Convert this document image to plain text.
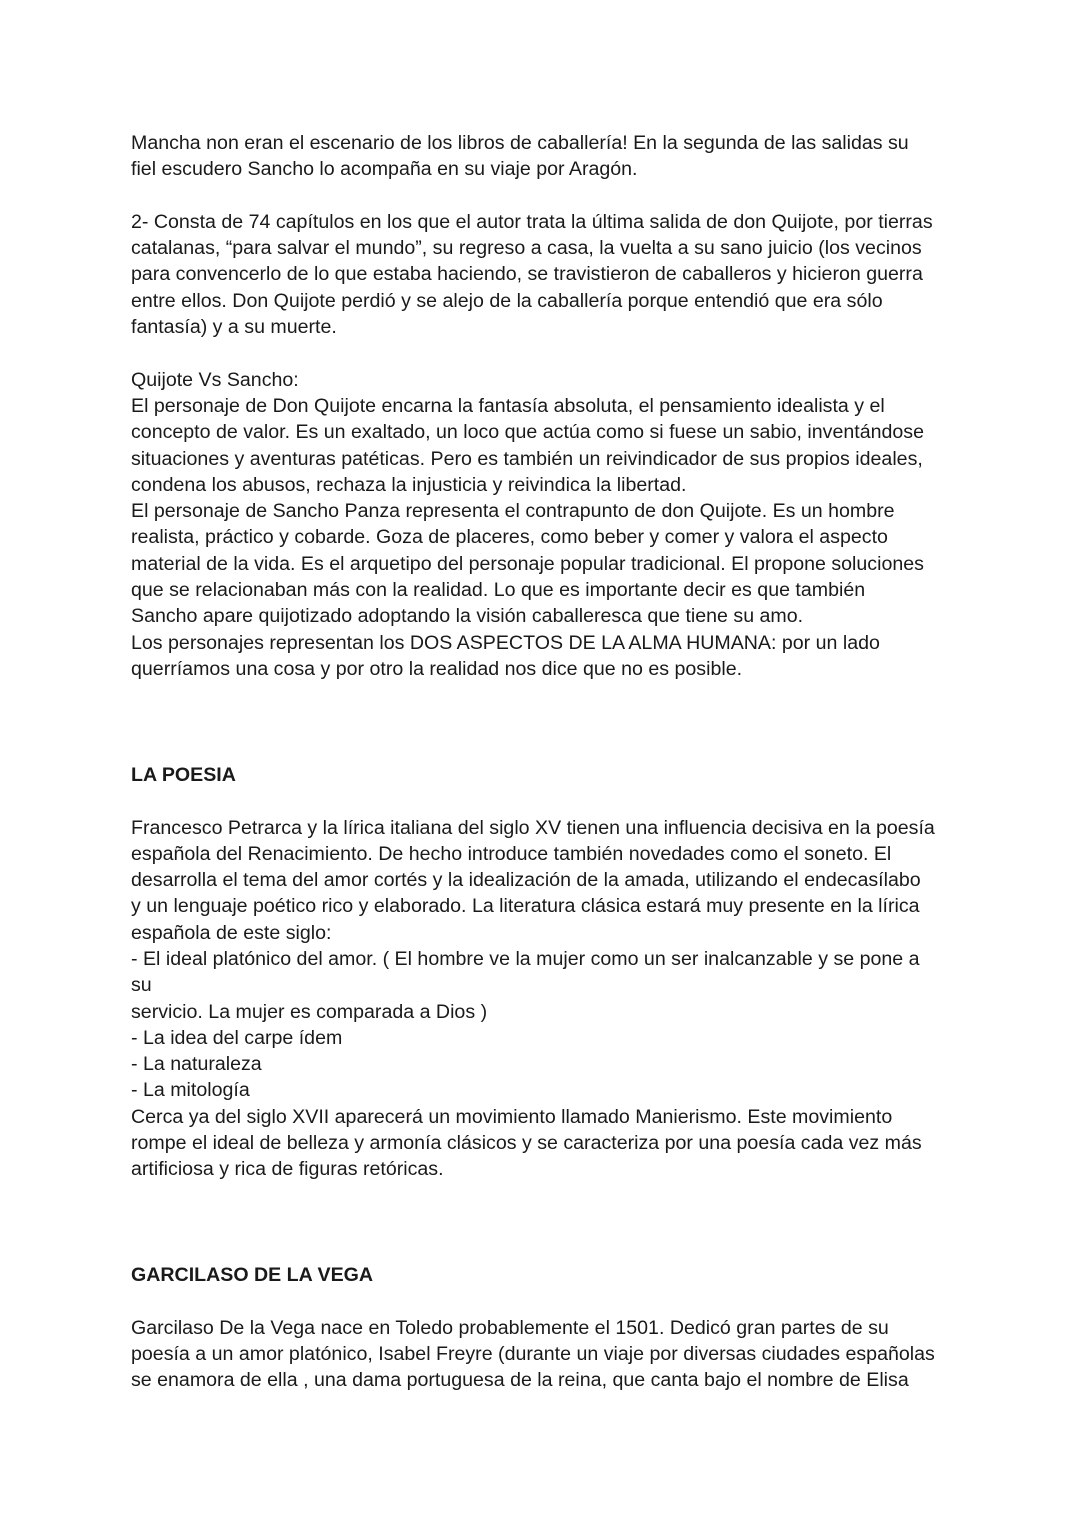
Mancha non eran el escenario de los libros de caballería! En la segunda de las salidas su

fiel escudero Sancho lo acompaña en su viaje por Aragón.

2- Consta de 74 capítulos en los que el autor trata la última salida de don Quijote, por tierras

catalanas, “para salvar el mundo”, su regreso a casa, la vuelta a su sano juicio (los vecinos

para convencerlo de lo que estaba haciendo, se travistieron de caballeros y hicieron guerra

entre ellos. Don Quijote perdió y se alejo de la caballería porque entendió que era sólo

fantasía) y a su muerte.

Quijote Vs Sancho:

El personaje de Don Quijote encarna la fantasía absoluta, el pensamiento idealista y el

concepto de valor. Es un exaltado, un loco que actúa como si fuese un sabio, inventándose

situaciones y aventuras patéticas. Pero es también un reivindicador de sus propios ideales,

condena los abusos, rechaza la injusticia y reivindica la libertad.

El personaje de Sancho Panza representa el contrapunto de don Quijote. Es un hombre

realista, práctico y cobarde. Goza de placeres, como beber y comer y valora el aspecto

material de la vida. Es el arquetipo del personaje popular tradicional. El propone soluciones

que se relacionaban más con la realidad. Lo que es importante decir es que también

Sancho apare quijotizado adoptando la visión caballeresca que tiene su amo.

Los personajes representan los DOS ASPECTOS DE LA ALMA HUMANA: por un lado

querríamos una cosa y por otro la realidad nos dice que no es posible.

LA POESIA

Francesco Petrarca y la lírica italiana del siglo XV tienen una influencia decisiva en la poesía

española del Renacimiento. De hecho introduce también novedades como el soneto. El

desarrolla el tema del amor cortés y la idealización de la amada, utilizando el endecasílabo

y un lenguaje poético rico y elaborado. La literatura clásica estará muy presente en la lírica

española de este siglo:

- El ideal platónico del amor. ( El hombre ve la mujer como un ser inalcanzable y se pone a

su

servicio. La mujer es comparada a Dios )

- La idea del carpe ídem

- La naturaleza

- La mitología

Cerca ya del siglo XVII aparecerá un movimiento llamado Manierismo. Este movimiento

rompe el ideal de belleza y armonía clásicos y se caracteriza por una poesía cada vez más

artificiosa y rica de figuras retóricas.

GARCILASO DE LA VEGA

Garcilaso De la Vega nace en Toledo probablemente el 1501. Dedicó gran partes de su

poesía a un amor platónico, Isabel Freyre (durante un viaje por diversas ciudades españolas

se enamora de ella , una dama portuguesa de la reina, que canta bajo el nombre de Elisa
